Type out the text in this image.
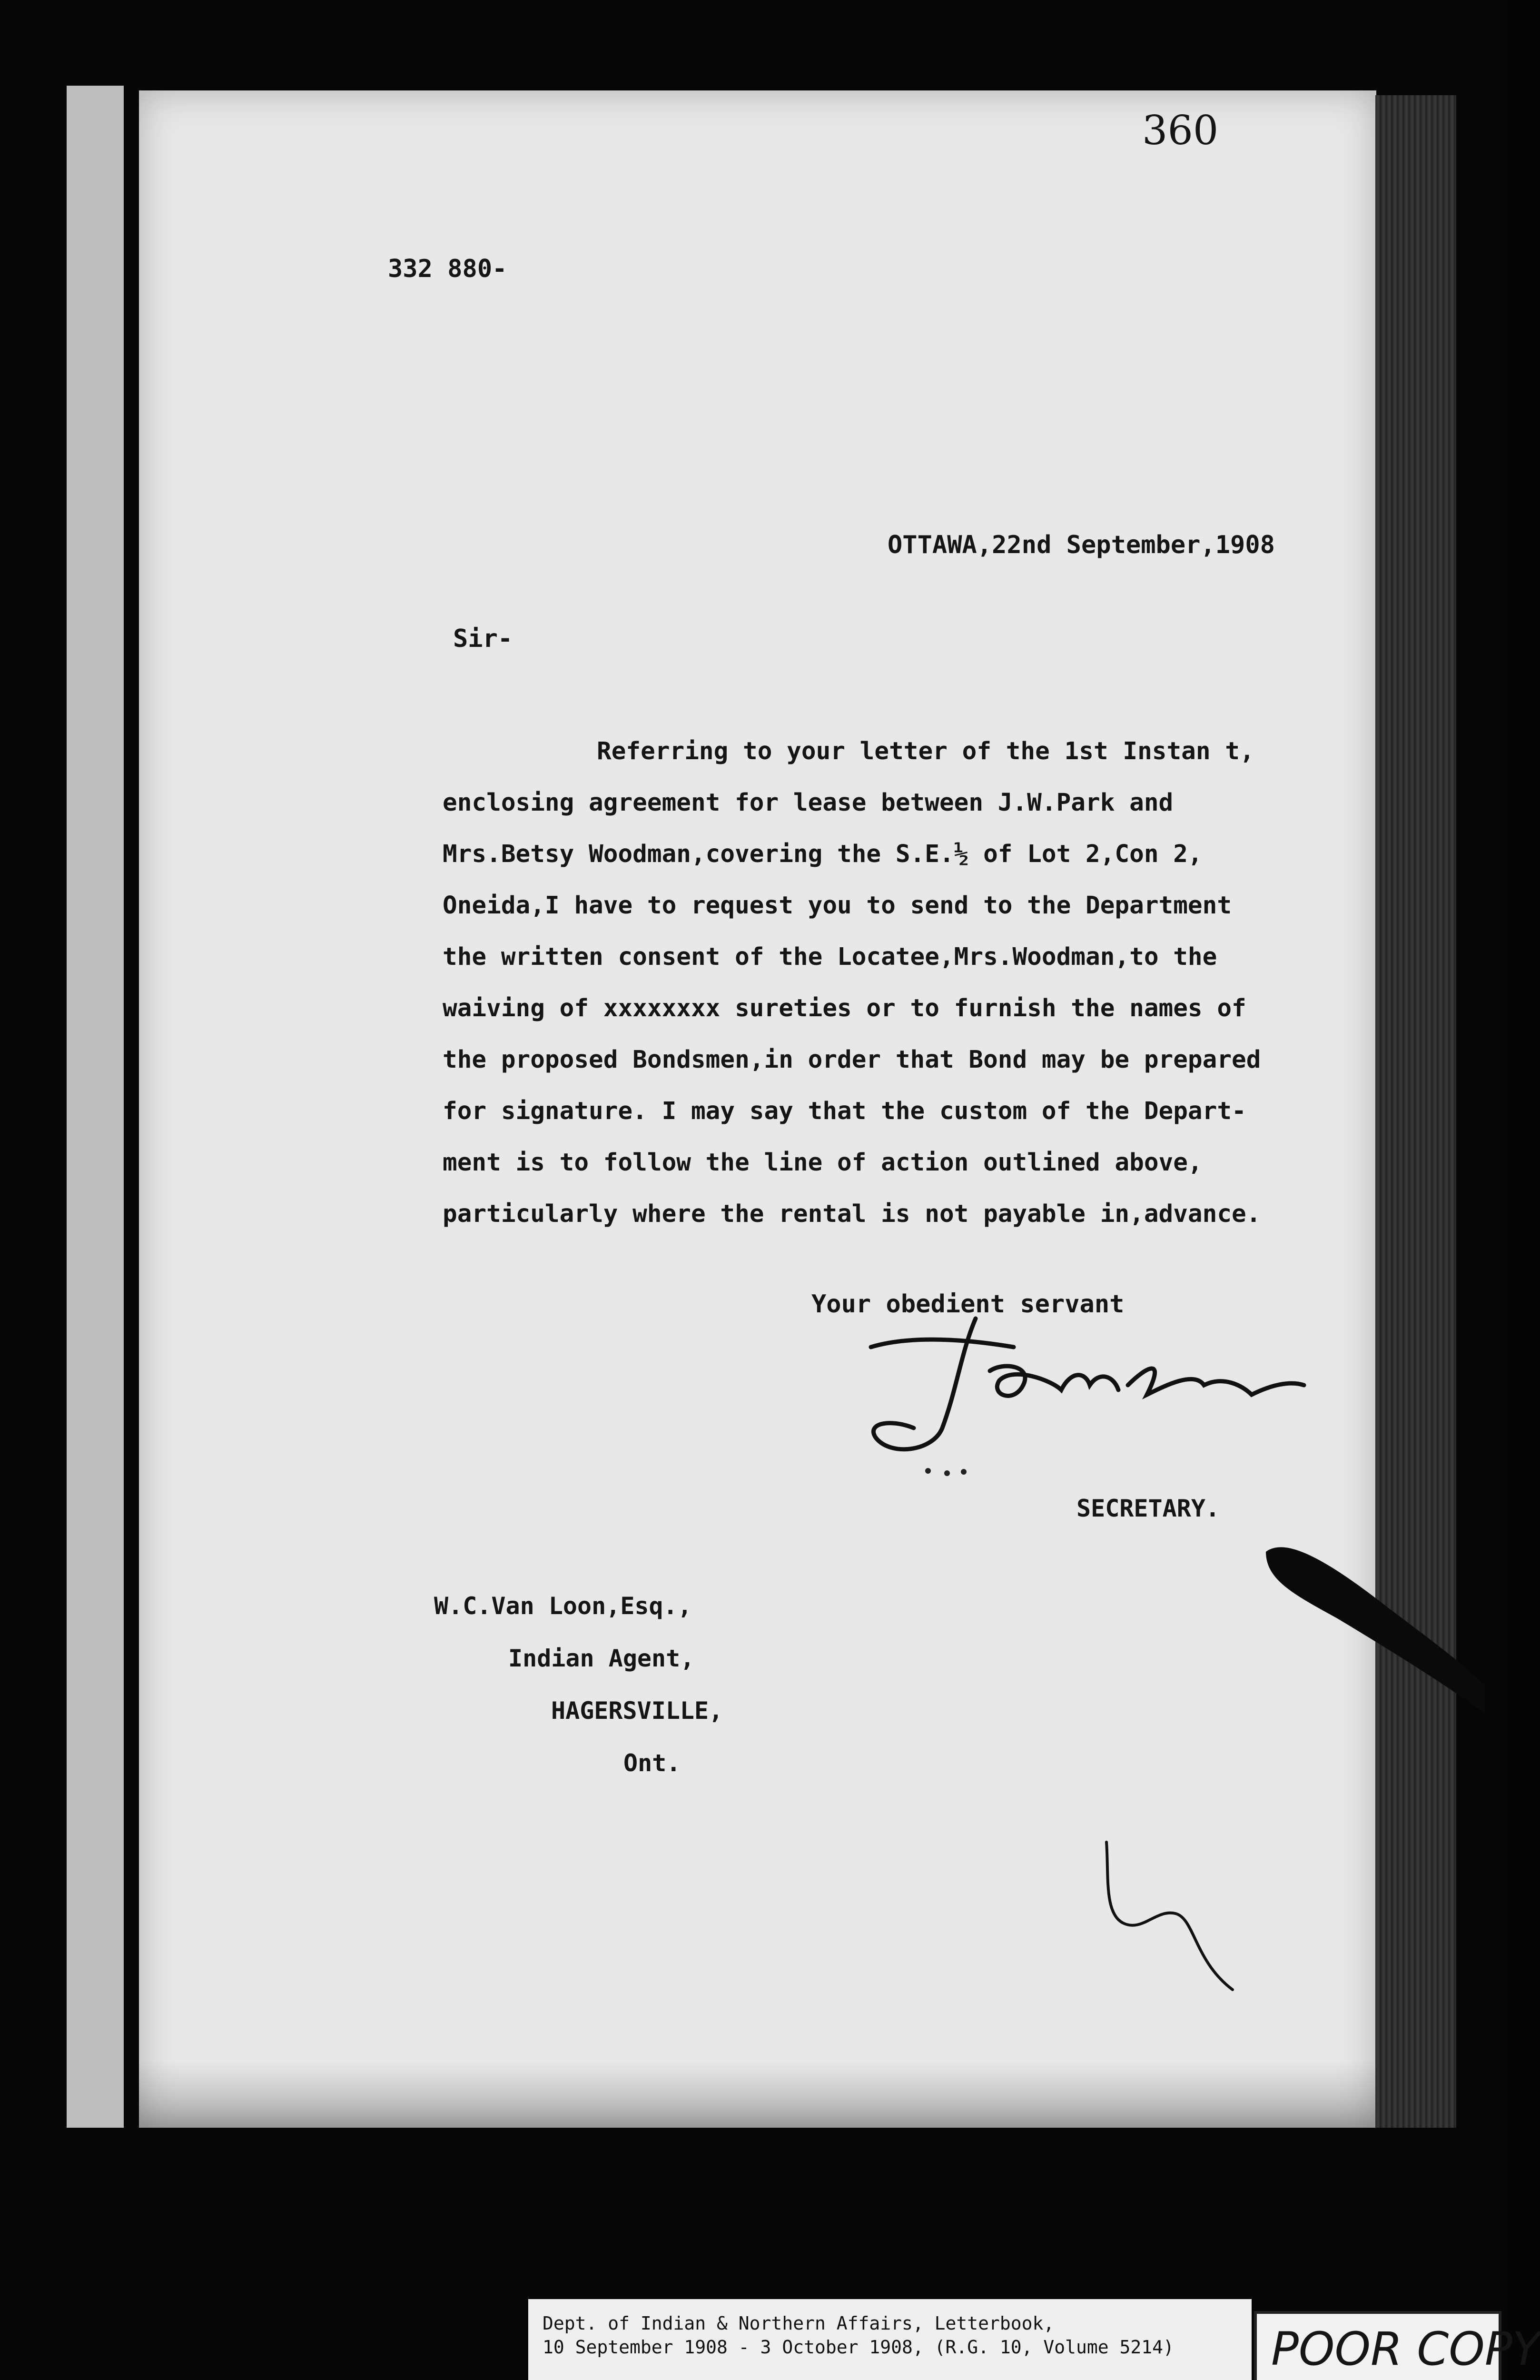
360
332 880-
OTTAWA,22nd September,1908
Sir-
Referring to your letter of the 1st Instan t,
enclosing agreement for lease between J.W.Park and
Mrs.Betsy Woodman,covering the S.E.½ of Lot 2,Con 2,
Oneida,I have to request you to send to the Department
the written consent of the Locatee,Mrs.Woodman,to the
waiving of xxxxxxxx sureties or to furnish the names of
the proposed Bondsmen,in order that Bond may be prepared
for signature. I may say that the custom of the Depart-
ment is to follow the line of action outlined above,
particularly where the rental is not payable in,advance.
Your obedient servant
SECRETARY.
W.C.Van Loon,Esq.,
Indian Agent,
HAGERSVILLE,
Ont.
Dept. of Indian & Northern Affairs, Letterbook,
10 September 1908 - 3 October 1908, (R.G. 10, Volume 5214)	POOR COPY
